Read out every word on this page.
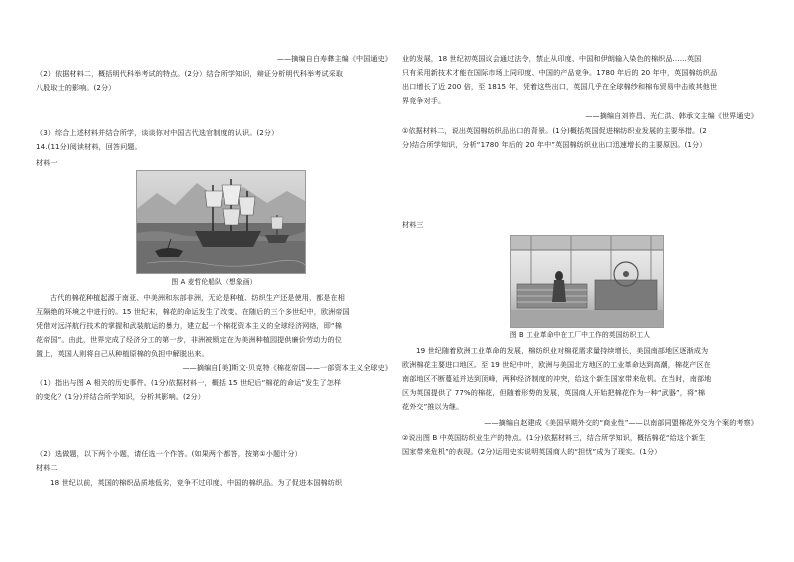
——摘编自白寿彝主编《中国通史》
（2）依据材料二，概括明代科举考试的特点。(2分）结合所学知识，辩证分析明代科举考试采取
八股取士的影响。(2分）
（3）综合上述材料并结合所学，谈谈你对中国古代选官制度的认识。(2分）
14.(11分)阅读材料，回答问题。
材料一
图 A 麦哲伦船队（想象画）
古代的棉花种植起源于南亚、中美洲和东部非洲，无论是种植、纺织生产还是使用，都是在相
互隔绝的环境之中进行的。15 世纪末，棉花的命运发生了改变。在随后的三个多世纪中，欧洲帝国
凭借对远洋航行技术的掌握和武装航运的暴力，建立起一个棉花资本主义的全球经济网络，即“棉
花帝国”。由此，世界完成了经济分工的第一步，非洲被锁定在为美洲种植园提供廉价劳动力的位
置上，英国人则将自己从种植原棉的负担中解脱出来。
——摘编自[美]斯文·贝克特《棉花帝国——一部资本主义全球史》
（1）指出与图 A 相关的历史事件。(1分)依据材料一，概括 15 世纪后“棉花的命运”发生了怎样
的变化？(1分)并结合所学知识，分析其影响。(2分）
（2）选做题，以下两个小题，请任选一个作答。(如果两个都答，按第①小题计分）
材料二
18 世纪以前，英国的棉织品质地低劣，竞争不过印度、中国的棉织品。为了促进本国棉纺织
业的发展，18 世纪初英国议会通过法令，禁止从印度、中国和伊朗输入染色的棉织品……英国
只有采用新技术才能在国际市场上同印度、中国的产品竞争。1780 年后的 20 年中，英国棉纺织品
出口增长了近 200 倍，至 1815 年，凭着这些出口，英国几乎在全球棉纱和棉布贸易中击败其他世
界竞争对手。
——摘编自刘祚昌、光仁洪、韩承文主编《世界通史》
①依据材料二，说出英国棉纺织品出口的背景。(1分)概括英国促进棉纺织业发展的主要举措。(2
分)结合所学知识，分析“1780 年后的 20 年中”英国棉纺织业出口迅速增长的主要原因。(1分）
材料三
图 B 工业革命中在工厂中工作的英国纺织工人
19 世纪随着欧洲工业革命的发展，棉纺织业对棉花需求量持续增长，美国南部地区逐渐成为
欧洲棉花主要进口地区。至 19 世纪中叶，欧洲与美国北方地区的工业革命达到高潮，棉花产区在
南部地区不断蔓延并达到顶峰，两种经济制度的冲突，给这个新生国家带来危机。在当时，南部地
区为英国提供了 77%的棉花，但随着形势的发展，英国商人开始把棉花作为一种“武器”，将“棉
花外交”推以为继。
——摘编自赵建成《美国早期外交的“商业性”——以南部同盟棉花外交为个案的考察》
②说出图 B 中英国纺织业生产的特点。(1分)依据材料三，结合所学知识，概括棉花“给这个新生
国家带来危机”的表现。(2分)运用史实说明英国商人的“担忧”成为了现实。(1分）
